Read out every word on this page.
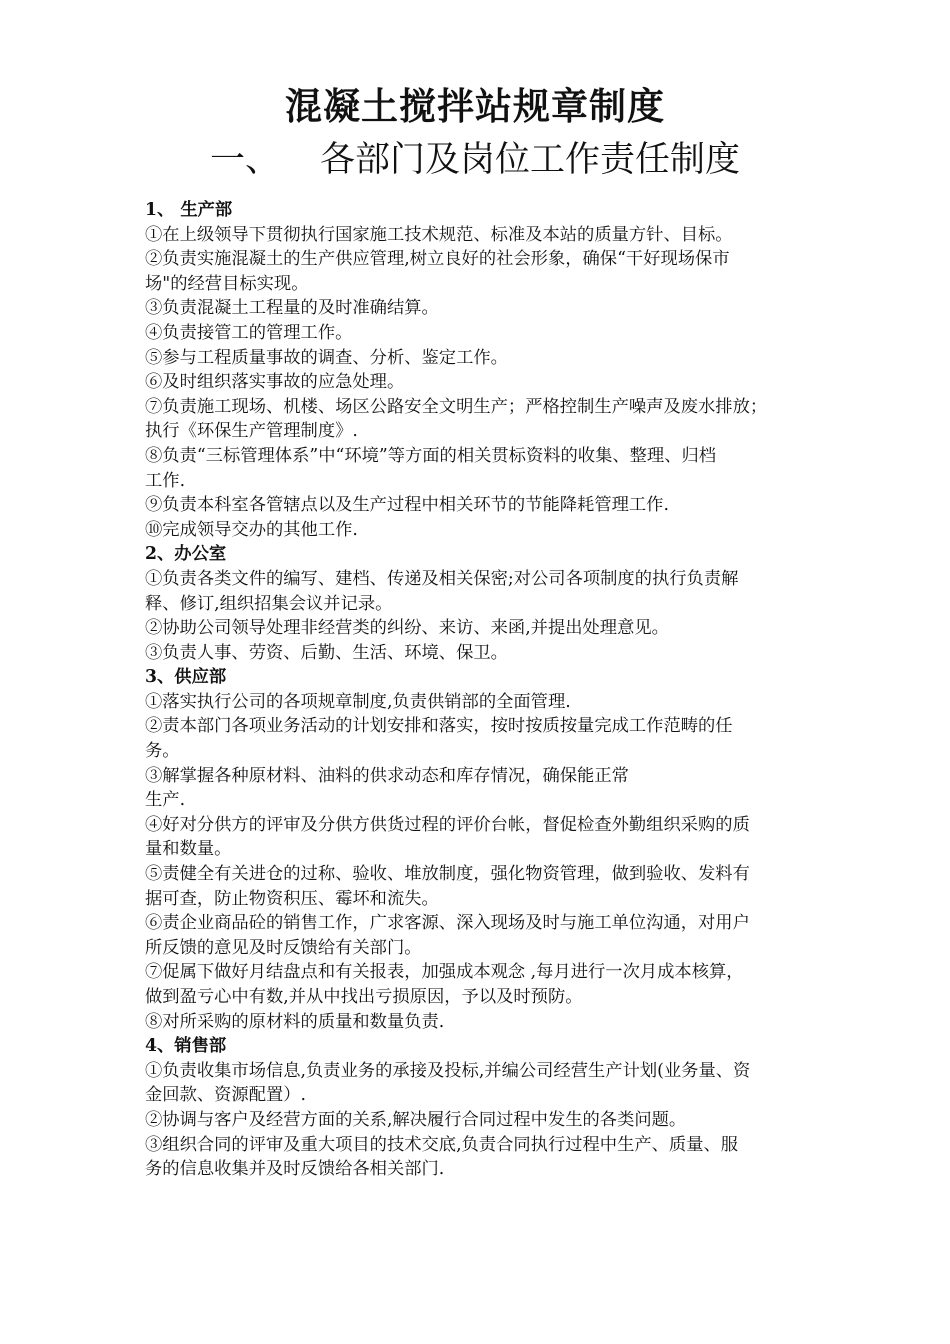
混凝土搅拌站规章制度
一、 各部门及岗位工作责任制度
1、 生产部
①在上级领导下贯彻执行国家施工技术规范、标准及本站的质量方针、目标。
②负责实施混凝土的生产供应管理,树立良好的社会形象，确保“干好现场保市
场"的经营目标实现。
③负责混凝土工程量的及时准确结算。
④负责接管工的管理工作。
⑤参与工程质量事故的调查、分析、鉴定工作。
⑥及时组织落实事故的应急处理。
⑦负责施工现场、机楼、场区公路安全文明生产；严格控制生产噪声及废水排放；
执行《环保生产管理制度》.
⑧负责“三标管理体系”中“环境”等方面的相关贯标资料的收集、整理、归档
工作.
⑨负责本科室各管辖点以及生产过程中相关环节的节能降耗管理工作.
⑩完成领导交办的其他工作.
2、办公室
①负责各类文件的编写、建档、传递及相关保密;对公司各项制度的执行负责解
释、修订,组织招集会议并记录。
②协助公司领导处理非经营类的纠纷、来访、来函,并提出处理意见。
③负责人事、劳资、后勤、生活、环境、保卫。
3、供应部
①落实执行公司的各项规章制度,负责供销部的全面管理.
②责本部门各项业务活动的计划安排和落实，按时按质按量完成工作范畴的任
务。
③解掌握各种原材料、油料的供求动态和库存情况，确保能正常
生产.
④好对分供方的评审及分供方供货过程的评价台帐，督促检查外勤组织采购的质
量和数量。
⑤责健全有关进仓的过称、验收、堆放制度，强化物资管理，做到验收、发料有
据可查，防止物资积压、霉坏和流失。
⑥责企业商品砼的销售工作，广求客源、深入现场及时与施工单位沟通，对用户
所反馈的意见及时反馈给有关部门。
⑦促属下做好月结盘点和有关报表，加强成本观念 ,每月进行一次月成本核算，
做到盈亏心中有数,并从中找出亏损原因，予以及时预防。
⑧对所采购的原材料的质量和数量负责.
4、销售部
①负责收集市场信息,负责业务的承接及投标,并编公司经营生产计划(业务量、资
金回款、资源配置）.
②协调与客户及经营方面的关系,解决履行合同过程中发生的各类问题。
③组织合同的评审及重大项目的技术交底,负责合同执行过程中生产、质量、服
务的信息收集并及时反馈给各相关部门.
